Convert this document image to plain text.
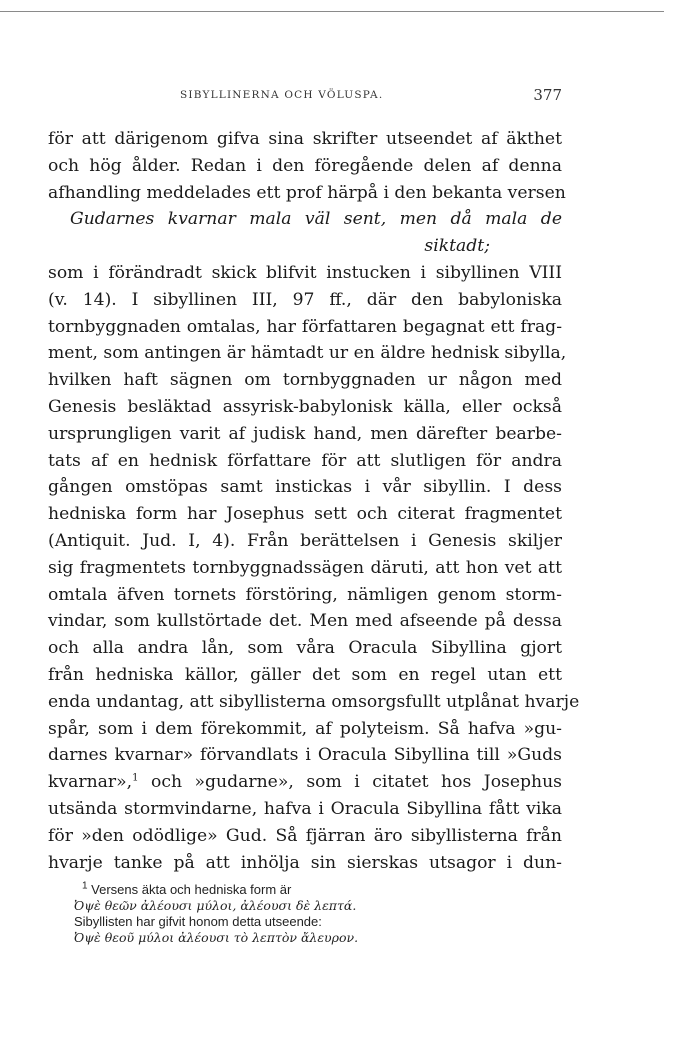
SIBYLLINERNA OCH VÖLUSPA.	377
för att därigenom gifva sina skrifter utseendet af äkthet
och hög ålder. Redan i den föregående delen af denna
afhandling meddelades ett prof härpå i den bekanta versen
Gudarnes kvarnar mala väl sent, men då mala de
siktadt;
som i förändradt skick blifvit instucken i sibyllinen VIII
(v. 14). I sibyllinen III, 97 ff., där den babyloniska
tornbyggnaden omtalas, har författaren begagnat ett frag-
ment, som antingen är hämtadt ur en äldre hednisk sibylla,
hvilken haft sägnen om tornbyggnaden ur någon med
Genesis besläktad assyrisk-babylonisk källa, eller också
ursprungligen varit af judisk hand, men därefter bearbe-
tats af en hednisk författare för att slutligen för andra
gången omstöpas samt instickas i vår sibyllin. I dess
hedniska form har Josephus sett och citerat fragmentet
(Antiquit. Jud. I, 4). Från berättelsen i Genesis skiljer
sig fragmentets tornbyggnadssägen däruti, att hon vet att
omtala äfven tornets förstöring, nämligen genom storm-
vindar, som kullstörtade det. Men med afseende på dessa
och alla andra lån, som våra Oracula Sibyllina gjort
från hedniska källor, gäller det som en regel utan ett
enda undantag, att sibyllisterna omsorgsfullt utplånat hvarje
spår, som i dem förekommit, af polyteism. Så hafva »gu-
darnes kvarnar» förvandlats i Oracula Sibyllina till »Guds
kvarnar»,$^1$ och »gudarne», som i citatet hos Josephus
utsända stormvindarne, hafva i Oracula Sibyllina fått vika
för »den odödlige» Gud. Så fjärran äro sibyllisterna från
hvarje tanke på att inhölja sin sierskas utsagor i dun-
$^1$ Versens äkta och hedniska form är
Ὀψὲ θεῶν ἀλέουσι μύλοι, ἀλέουσι δὲ λεπτά.
Sibyllisten har gifvit honom detta utseende:
Ὀψὲ θεοῦ μύλοι ἀλέουσι τὸ λεπτὸν ἄλευρον.
